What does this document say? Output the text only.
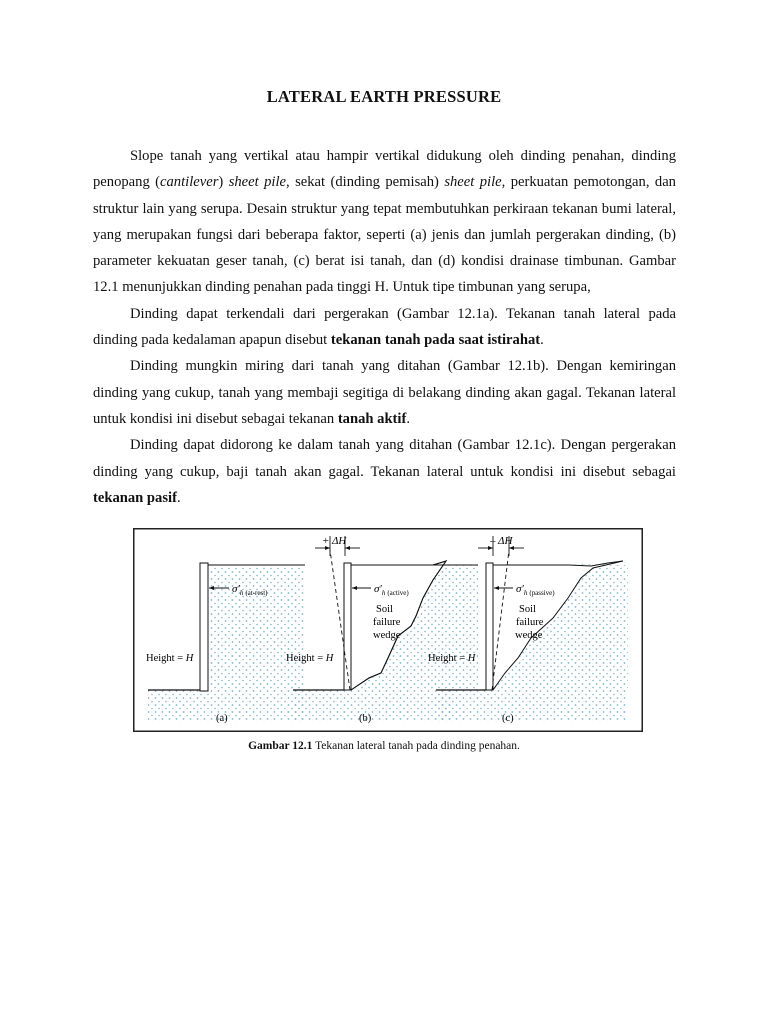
LATERAL EARTH PRESSURE

Slope tanah yang vertikal atau hampir vertikal didukung oleh dinding penahan, dinding penopang (cantilever) sheet pile, sekat (dinding pemisah) sheet pile, perkuatan pemotongan, dan struktur lain yang serupa. Desain struktur yang tepat membutuhkan perkiraan tekanan bumi lateral, yang merupakan fungsi dari beberapa faktor, seperti (a) jenis dan jumlah pergerakan dinding, (b) parameter kekuatan geser tanah, (c) berat isi tanah, dan (d) kondisi drainase timbunan. Gambar 12.1 menunjukkan dinding penahan pada tinggi H. Untuk tipe timbunan yang serupa,

Dinding dapat terkendali dari pergerakan (Gambar 12.1a). Tekanan tanah lateral pada dinding pada kedalaman apapun disebut tekanan tanah pada saat istirahat.

Dinding mungkin miring dari tanah yang ditahan (Gambar 12.1b). Dengan kemiringan dinding yang cukup, tanah yang membaji segitiga di belakang dinding akan gagal. Tekanan lateral untuk kondisi ini disebut sebagai tekanan tanah aktif.

Dinding dapat didorong ke dalam tanah yang ditahan (Gambar 12.1c). Dengan pergerakan dinding yang cukup, baji tanah akan gagal. Tekanan lateral untuk kondisi ini disebut sebagai tekanan pasif.

$\sigma'_h$ (at-rest)
Height = H
(a)
+ ΔH
$\sigma'_h$ (active)
Soil failure wedge
Height = H
(b)
– ΔH
$\sigma'_h$ (passive)
Soil failure wedge
Height = H
(c)
Gambar 12.1 Tekanan lateral tanah pada dinding penahan.
